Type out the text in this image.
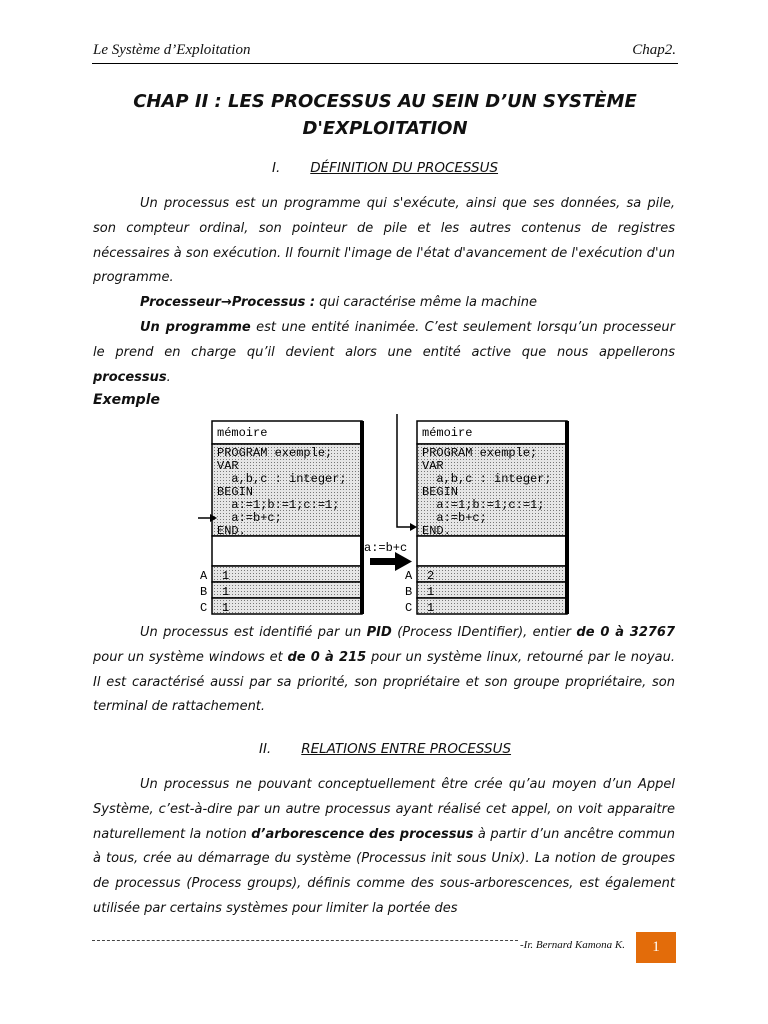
Le Système d’Exploitation	Chap2.
CHAP II : LES PROCESSUS AU SEIN D’UN SYSTÈME
D'EXPLOITATION
I. DÉFINITION DU PROCESSUS

Un processus est un programme qui s'exécute, ainsi que ses données, sa pile, son compteur ordinal, son pointeur de pile et les autres contenus de registres nécessaires à son exécution. Il fournit l'image de l'état d'avancement de l'exécution d'un programme.

Processeur→Processus : qui caractérise même la machine

Un programme est une entité inanimée. C’est seulement lorsqu’un processeur le prend en charge qu’il devient alors une entité active que nous appellerons processus.

Exemple
mémoire
PROGRAM exemple;
VAR
a,b,c : integer;
BEGIN
a:=1;b:=1;c:=1;
a:=b+c;
END.
A
B
C
1
1
1
a:=b+c
mémoire
PROGRAM exemple;
VAR
a,b,c : integer;
BEGIN
a:=1;b:=1;c:=1;
a:=b+c;
END.
A
B
C
2
1
1

Un processus est identifié par un PID (Process IDentifier), entier de 0 à 32767 pour un système windows et de 0 à 215 pour un système linux, retourné par le noyau. Il est caractérisé aussi par sa priorité, son propriétaire et son groupe propriétaire, son terminal de rattachement.

II. RELATIONS ENTRE PROCESSUS

Un processus ne pouvant conceptuellement être crée qu’au moyen d’un Appel Système, c’est-à-dire par un autre processus ayant réalisé cet appel, on voit apparaitre naturellement la notion d’arborescence des processus à partir d’un ancêtre commun à tous, crée au démarrage du système (Processus init sous Unix). La notion de groupes de processus (Process groups), définis comme des sous-arborescences, est également utilisée par certains systèmes pour limiter la portée des

-Ir. Bernard Kamona K.	1
